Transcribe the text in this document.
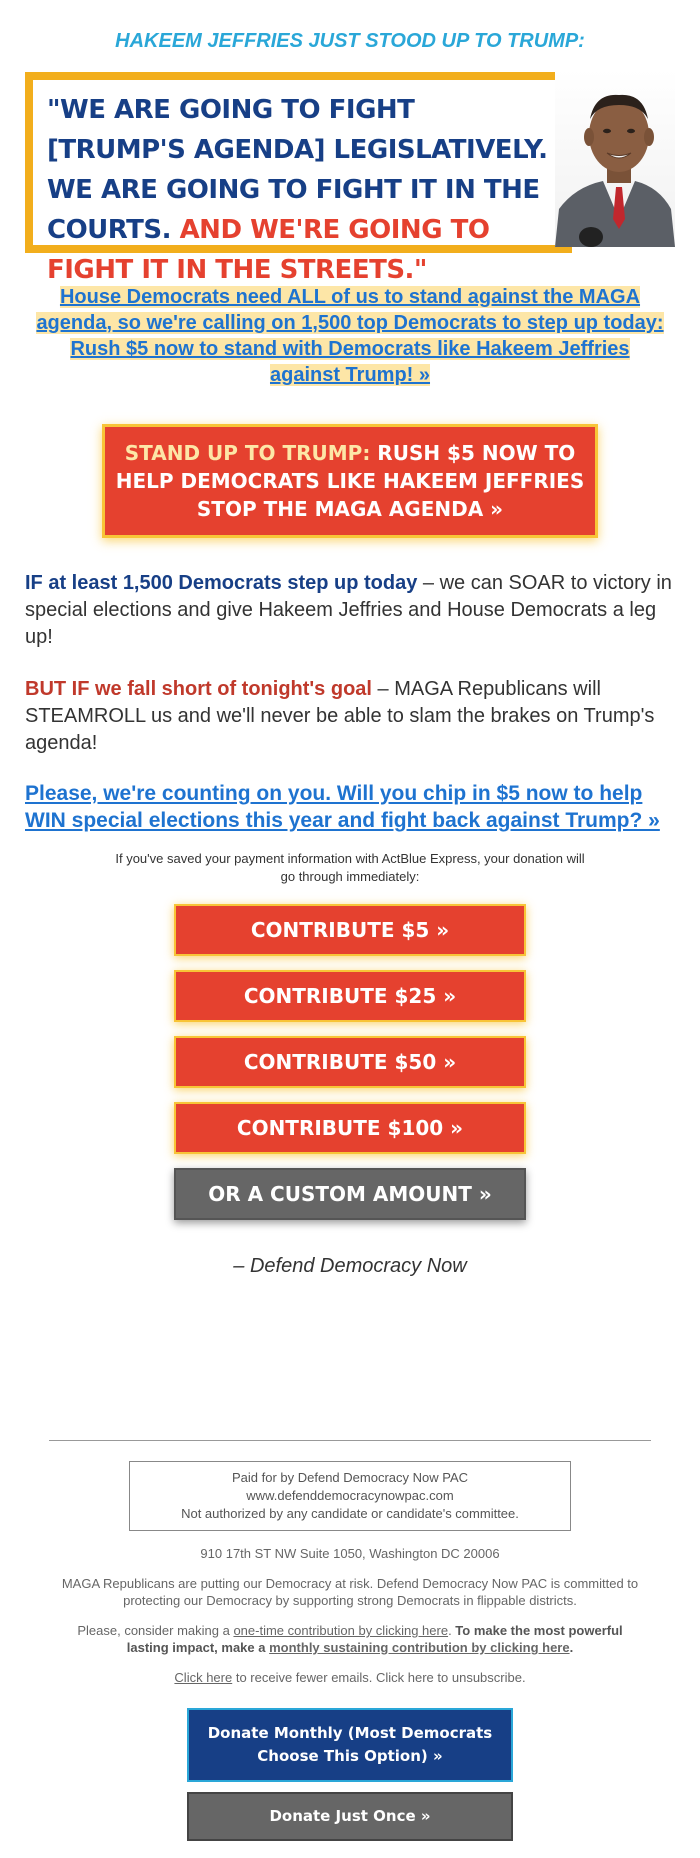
HAKEEM JEFFRIES JUST STOOD UP TO TRUMP:
"WE ARE GOING TO FIGHT [TRUMP'S AGENDA] LEGISLATIVELY. WE ARE GOING TO FIGHT IT IN THE COURTS. AND WE'RE GOING TO FIGHT IT IN THE STREETS."
House Democrats need ALL of us to stand against the MAGA agenda, so we're calling on 1,500 top Democrats to step up today: Rush $5 now to stand with Democrats like Hakeem Jeffries against Trump! »
STAND UP TO TRUMP: RUSH $5 NOW TO HELP DEMOCRATS LIKE HAKEEM JEFFRIES STOP THE MAGA AGENDA »

IF at least 1,500 Democrats step up today – we can SOAR to victory in special elections and give Hakeem Jeffries and House Democrats a leg up!

BUT IF we fall short of tonight's goal – MAGA Republicans will STEAMROLL us and we'll never be able to slam the brakes on Trump's agenda!

Please, we're counting on you. Will you chip in $5 now to help WIN special elections this year and fight back against Trump? »

If you've saved your payment information with ActBlue Express, your donation will go through immediately:

CONTRIBUTE $5 »
CONTRIBUTE $25 »
CONTRIBUTE $50 »
CONTRIBUTE $100 »
OR A CUSTOM AMOUNT »
– Defend Democracy Now
Paid for by Defend Democracy Now PAC
www.defenddemocracynowpac.com
Not authorized by any candidate or candidate's committee.

910 17th ST NW Suite 1050, Washington DC 20006

MAGA Republicans are putting our Democracy at risk. Defend Democracy Now PAC is committed to protecting our Democracy by supporting strong Democrats in flippable districts.

Please, consider making a one-time contribution by clicking here. To make the most powerful lasting impact, make a monthly sustaining contribution by clicking here.

Click here to receive fewer emails. Click here to unsubscribe.

Donate Monthly (Most Democrats Choose This Option) »
Donate Just Once »
